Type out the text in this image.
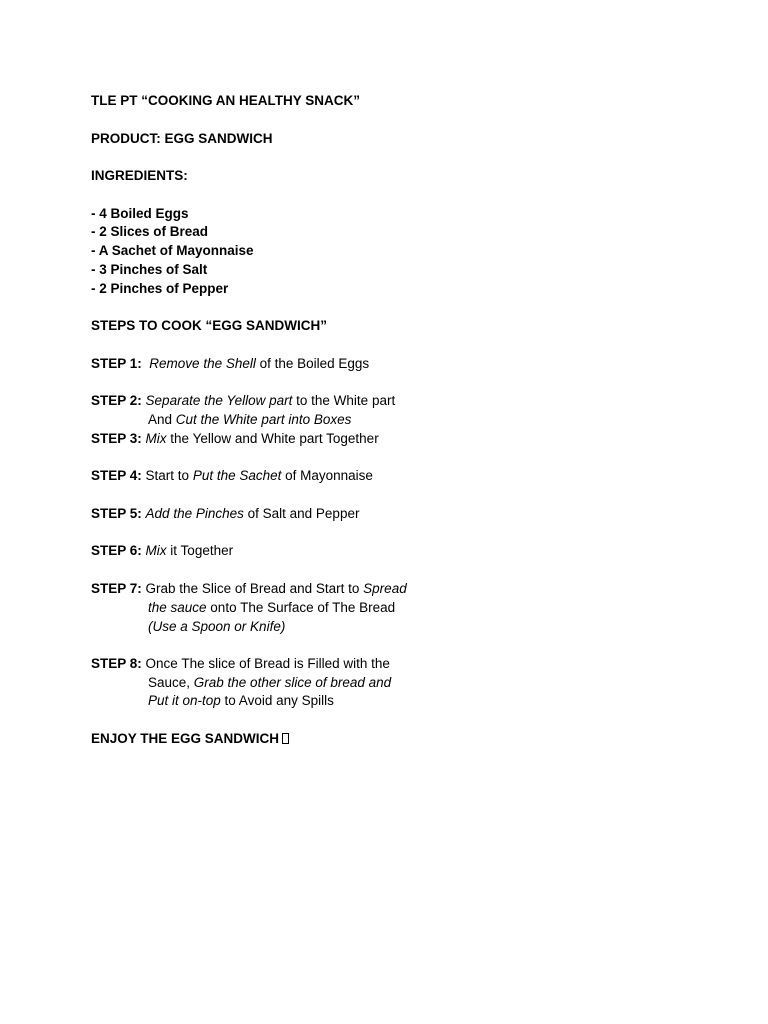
TLE PT “COOKING AN HEALTHY SNACK”
PRODUCT: EGG SANDWICH
INGREDIENTS:
- 4 Boiled Eggs
- 2 Slices of Bread
- A Sachet of Mayonnaise
- 3 Pinches of Salt
- 2 Pinches of Pepper
STEPS TO COOK “EGG SANDWICH”
STEP 1: Remove the Shell of the Boiled Eggs
STEP 2: Separate the Yellow part to the White part
And Cut the White part into Boxes
STEP 3: Mix the Yellow and White part Together
STEP 4: Start to Put the Sachet of Mayonnaise
STEP 5: Add the Pinches of Salt and Pepper
STEP 6: Mix it Together
STEP 7: Grab the Slice of Bread and Start to Spread
the sauce onto The Surface of The Bread
(Use a Spoon or Knife)
STEP 8: Once The slice of Bread is Filled with the
Sauce, Grab the other slice of bread and
Put it on-top to Avoid any Spills
ENJOY THE EGG SANDWICH
